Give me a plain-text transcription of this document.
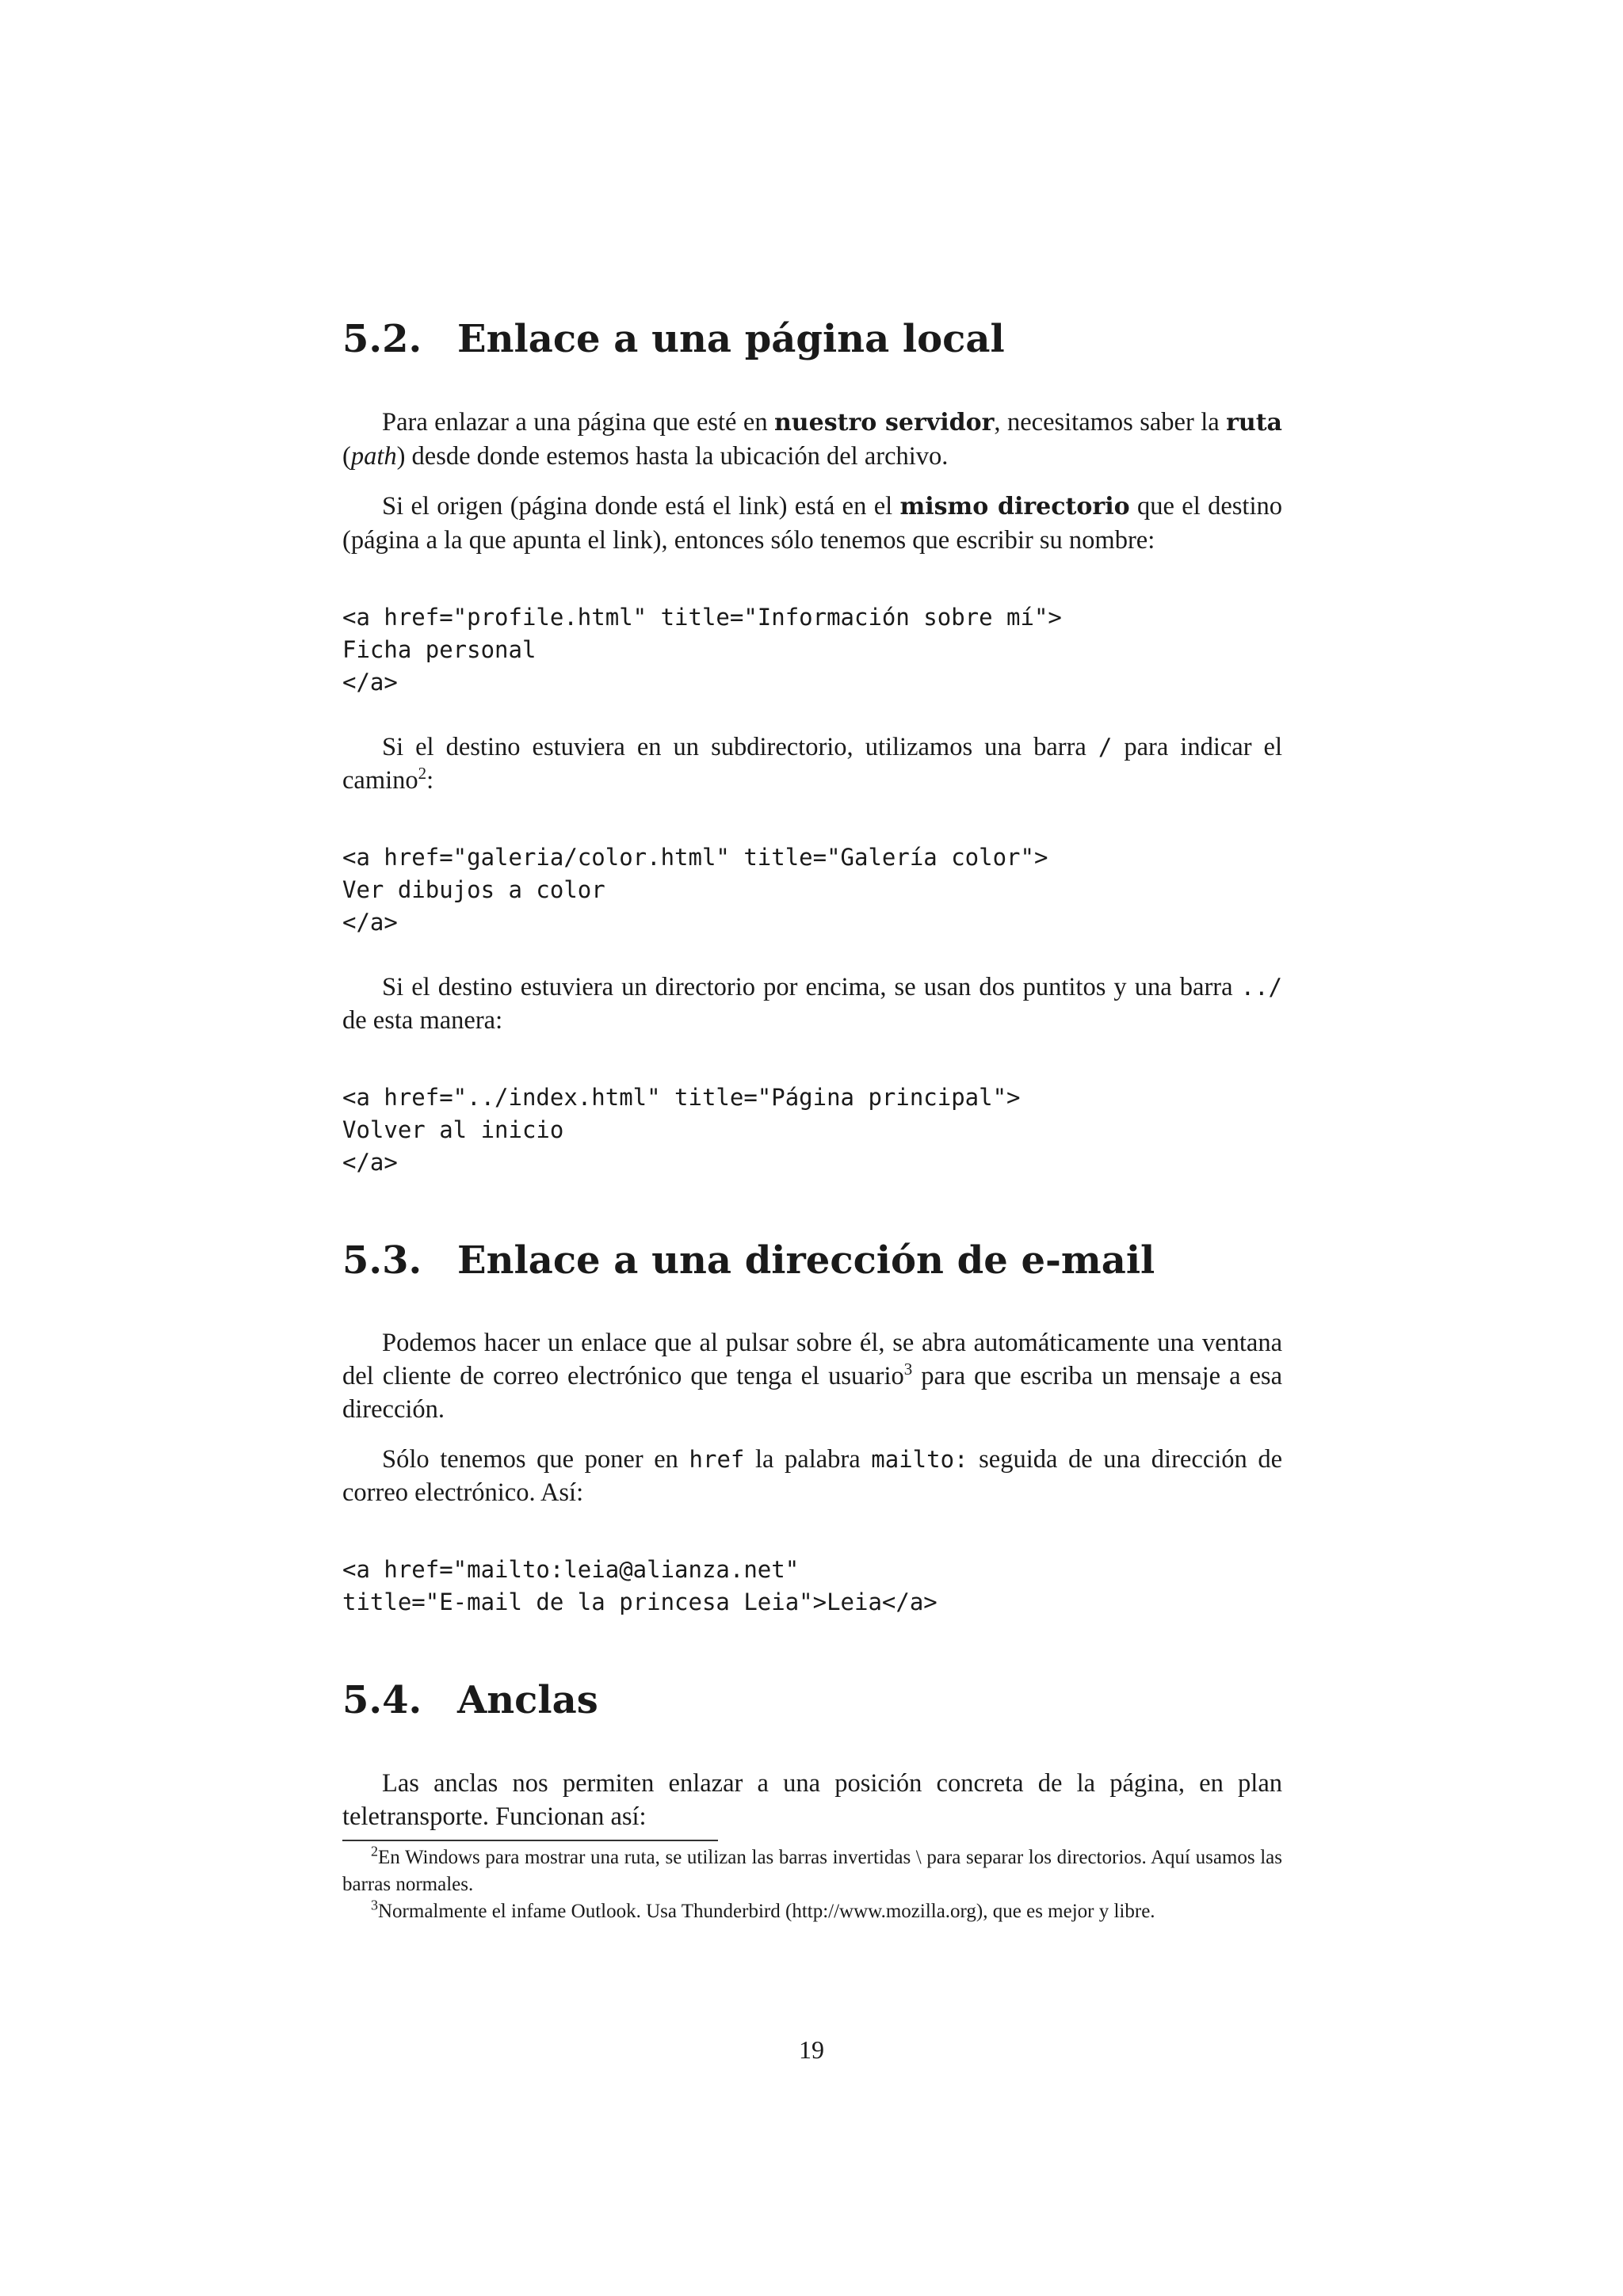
5.2. Enlace a una página local

Para enlazar a una página que esté en nuestro servidor, necesitamos saber la ruta (path) desde donde estemos hasta la ubicación del archivo.

Si el origen (página donde está el link) está en el mismo directorio que el destino (página a la que apunta el link), entonces sólo tenemos que escribir su nombre:

<a href="profile.html" title="Información sobre mí">
Ficha personal
</a>

Si el destino estuviera en un subdirectorio, utilizamos una barra / para indicar el camino$^2$:

<a href="galeria/color.html" title="Galería color">
Ver dibujos a color
</a>

Si el destino estuviera un directorio por encima, se usan dos puntitos y una barra ../ de esta manera:

<a href="../index.html" title="Página principal">
Volver al inicio
</a>
5.3. Enlace a una dirección de e-mail

Podemos hacer un enlace que al pulsar sobre él, se abra automáticamente una ventana del cliente de correo electrónico que tenga el usuario$^3$ para que escriba un mensaje a esa dirección.

Sólo tenemos que poner en href la palabra mailto: seguida de una dirección de correo electrónico. Así:

<a href="mailto:leia@alianza.net"
title="E-mail de la princesa Leia">Leia</a>
5.4. Anclas

Las anclas nos permiten enlazar a una posición concreta de la página, en plan teletransporte. Funcionan así:

$^2$En Windows para mostrar una ruta, se utilizan las barras invertidas \ para separar los directorios. Aquí usamos las barras normales.

$^3$Normalmente el infame Outlook. Usa Thunderbird (http://www.mozilla.org), que es mejor y libre.

19
